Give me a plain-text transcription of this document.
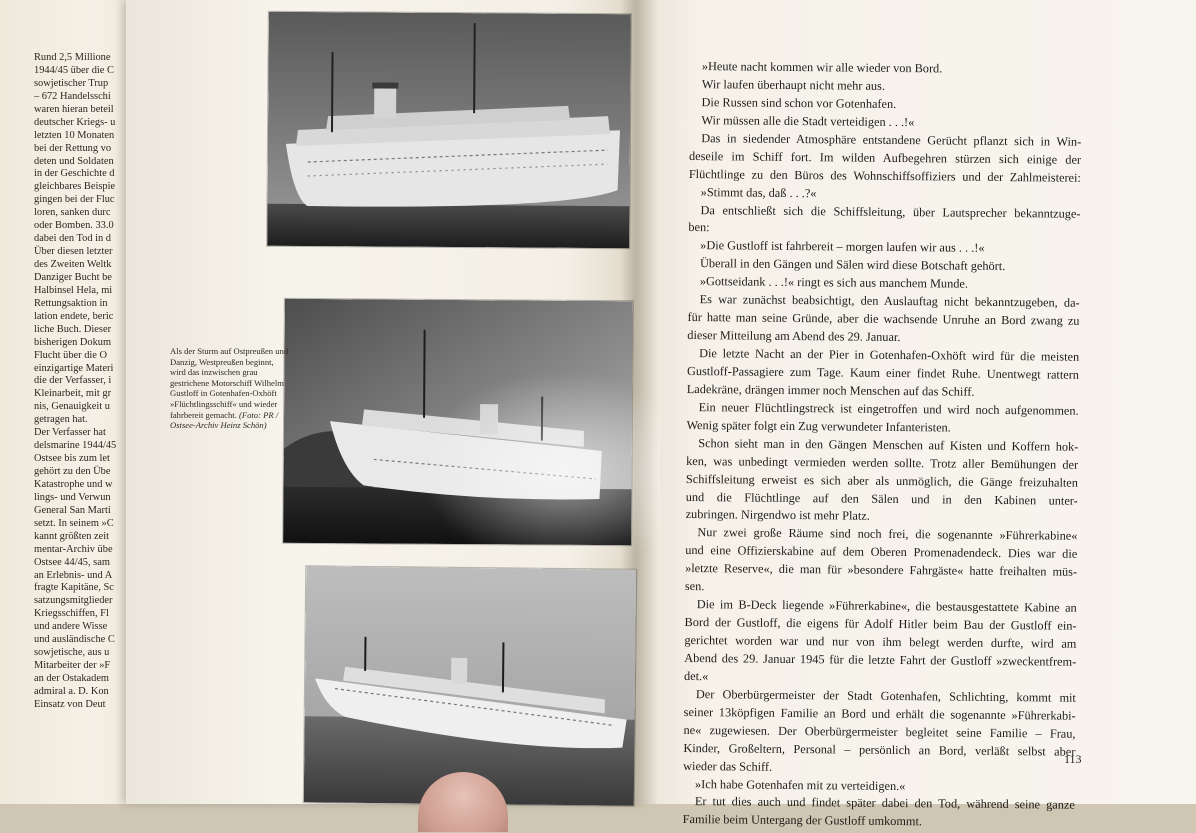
Rund 2,5 Millione
1944/45 über die C
sowjetischer Trup
– 672 Handelsschi
waren hieran beteil
deutscher Kriegs- u
letzten 10 Monaten
bei der Rettung vo
deten und Soldaten
in der Geschichte d
gleichbares Beispie
gingen bei der Fluc
loren, sanken durc
oder Bomben. 33.0
dabei den Tod in d
Über diesen letzter
des Zweiten Weltk
Danziger Bucht be
Halbinsel Hela, mi
Rettungsaktion in
lation endete, beric
liche Buch. Dieser
bisherigen Dokum
Flucht über die O
einzigartige Materi
die der Verfasser, i
Kleinarbeit, mit gr
nis, Genauigkeit u
getragen hat.
Der Verfasser hat
delsmarine 1944/45
Ostsee bis zum let
gehört zu den Übe
Katastrophe und w
lings- und Verwun
General San Marti
setzt. In seinem »C
kannt größten zeit
mentar-Archiv übe
Ostsee 44/45, sam
an Erlebnis- und A
fragte Kapitäne, Sc
satzungsmitglieder
Kriegsschiffen, Fl
und andere Wisse
und ausländische C
sowjetische, aus u
Mitarbeiter der »F
an der Ostakadem
admiral a. D. Kon
Einsatz von Deut
Als der Sturm auf Ostpreußen und Danzig, Westpreußen beginnt, wird das inzwischen grau gestrichene Motorschiff Wilhelm Gustloff in Gotenhafen-Oxhöft »Flüchtlingsschiff« und wieder fahrbereit gemacht. (Foto: PR / Ostsee-Archiv Heinz Schön)
»Heute nacht kommen wir alle wieder von Bord.
Wir laufen überhaupt nicht mehr aus.
Die Russen sind schon vor Gotenhafen.
Wir müssen alle die Stadt verteidigen . . .!«
Das in siedender Atmosphäre entstandene Gerücht pflanzt sich in Win-
deseile im Schiff fort. Im wilden Aufbegehren stürzen sich einige der
Flüchtlinge zu den Büros des Wohnschiffsoffiziers und der Zahlmeisterei:
»Stimmt das, daß . . .?«
Da entschließt sich die Schiffsleitung, über Lautsprecher bekanntzuge-
ben:
»Die Gustloff ist fahrbereit – morgen laufen wir aus . . .!«
Überall in den Gängen und Sälen wird diese Botschaft gehört.
»Gottseidank . . .!« ringt es sich aus manchem Munde.
Es war zunächst beabsichtigt, den Auslauftag nicht bekanntzugeben, da-
für hatte man seine Gründe, aber die wachsende Unruhe an Bord zwang zu
dieser Mitteilung am Abend des 29. Januar.
Die letzte Nacht an der Pier in Gotenhafen-Oxhöft wird für die meisten
Gustloff-Passagiere zum Tage. Kaum einer findet Ruhe. Unentwegt rattern
Ladekräne, drängen immer noch Menschen auf das Schiff.
Ein neuer Flüchtlingstreck ist eingetroffen und wird noch aufgenommen.
Wenig später folgt ein Zug verwundeter Infanteristen.
Schon sieht man in den Gängen Menschen auf Kisten und Koffern hok-
ken, was unbedingt vermieden werden sollte. Trotz aller Bemühungen der
Schiffsleitung erweist es sich aber als unmöglich, die Gänge freizuhalten
und die Flüchtlinge auf den Sälen und in den Kabinen unter-
zubringen. Nirgendwo ist mehr Platz.
Nur zwei große Räume sind noch frei, die sogenannte »Führerkabine«
und eine Offizierskabine auf dem Oberen Promenadendeck. Dies war die
»letzte Reserve«, die man für »besondere Fahrgäste« hatte freihalten müs-
sen.
Die im B-Deck liegende »Führerkabine«, die bestausgestattete Kabine an
Bord der Gustloff, die eigens für Adolf Hitler beim Bau der Gustloff ein-
gerichtet worden war und nur von ihm belegt werden durfte, wird am
Abend des 29. Januar 1945 für die letzte Fahrt der Gustloff »zweckentfrem-
det.«
Der Oberbürgermeister der Stadt Gotenhafen, Schlichting, kommt mit
seiner 13köpfigen Familie an Bord und erhält die sogenannte »Führerkabi-
ne« zugewiesen. Der Oberbürgermeister begleitet seine Familie – Frau,
Kinder, Großeltern, Personal – persönlich an Bord, verläßt selbst aber
wieder das Schiff.
»Ich habe Gotenhafen mit zu verteidigen.«
Er tut dies auch und findet später dabei den Tod, während seine ganze
Familie beim Untergang der Gustloff umkommt.
113
